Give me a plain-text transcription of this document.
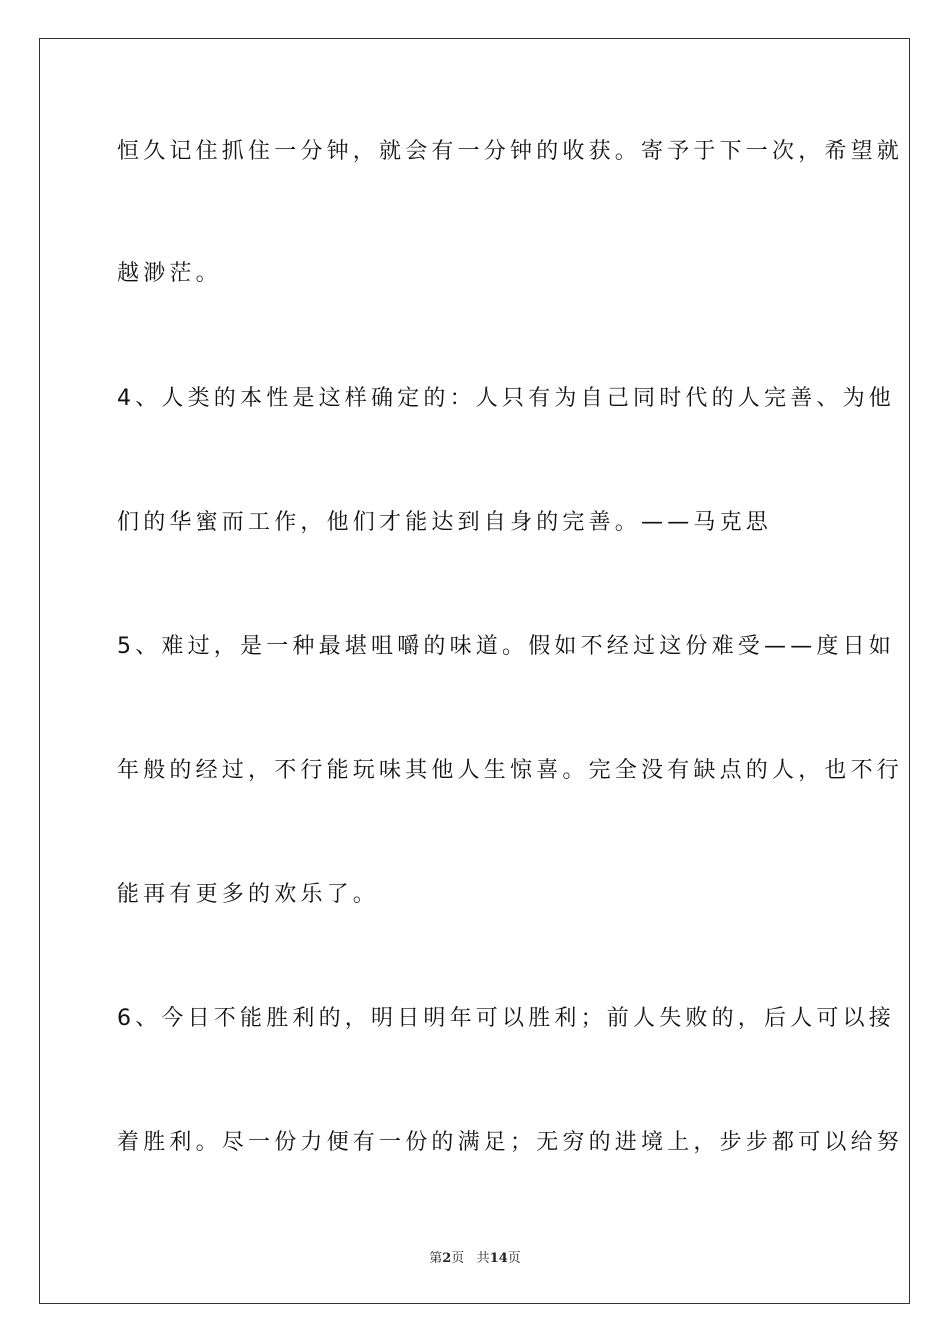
恒久记住抓住一分钟，就会有一分钟的收获。寄予于下一次，希望就
越渺茫。
4、人类的本性是这样确定的：人只有为自己同时代的人完善、为他
们的华蜜而工作，他们才能达到自身的完善。——马克思
5、难过，是一种最堪咀嚼的味道。假如不经过这份难受——度日如
年般的经过，不行能玩味其他人生惊喜。完全没有缺点的人，也不行
能再有更多的欢乐了。
6、今日不能胜利的，明日明年可以胜利；前人失败的，后人可以接
着胜利。尽一份力便有一份的满足；无穷的进境上，步步都可以给努
第2页 共14页
